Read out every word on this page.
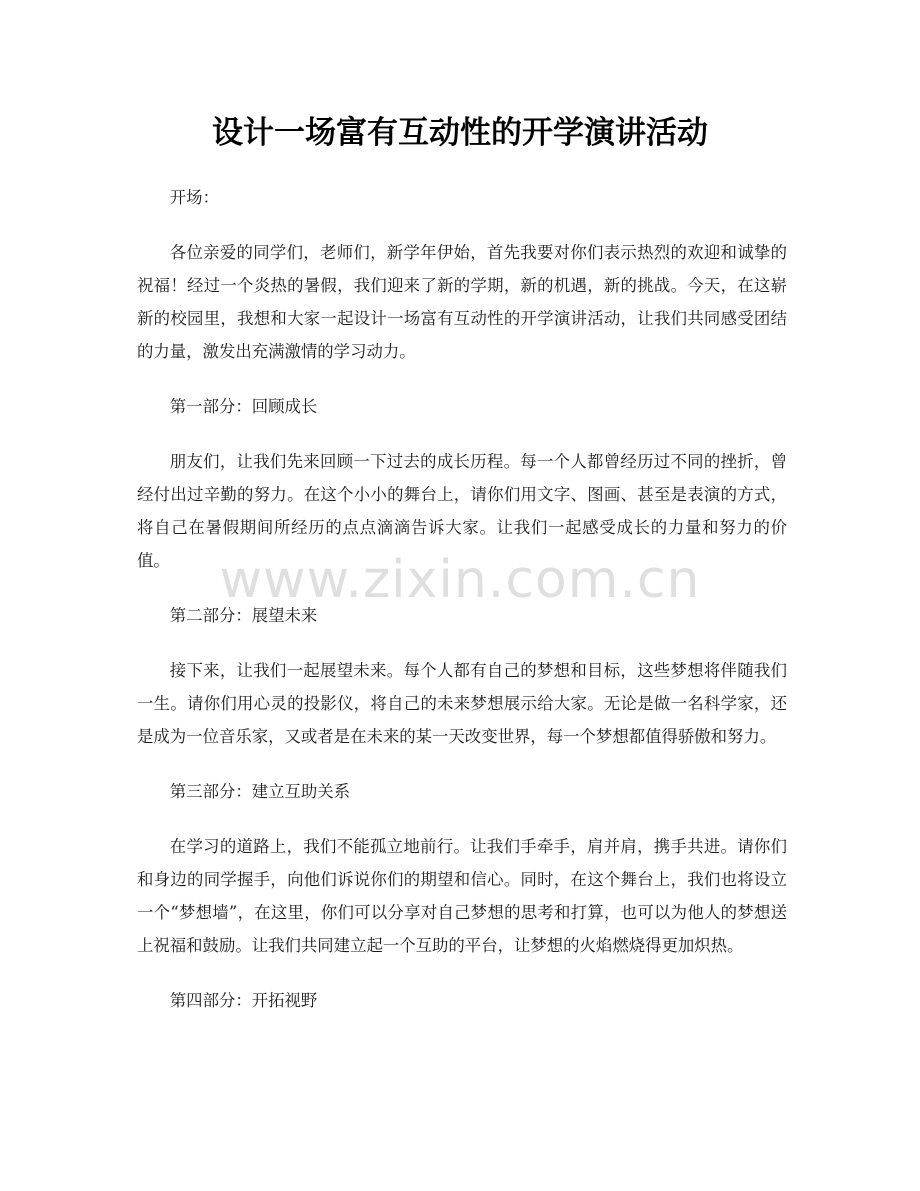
设计一场富有互动性的开学演讲活动

开场：

各位亲爱的同学们，老师们，新学年伊始，首先我要对你们表示热烈的欢迎和诚挚的祝福！经过一个炎热的暑假，我们迎来了新的学期，新的机遇，新的挑战。今天，在这崭新的校园里，我想和大家一起设计一场富有互动性的开学演讲活动，让我们共同感受团结的力量，激发出充满激情的学习动力。

第一部分：回顾成长

朋友们，让我们先来回顾一下过去的成长历程。每一个人都曾经历过不同的挫折，曾经付出过辛勤的努力。在这个小小的舞台上，请你们用文字、图画、甚至是表演的方式，将自己在暑假期间所经历的点点滴滴告诉大家。让我们一起感受成长的力量和努力的价值。

第二部分：展望未来

接下来，让我们一起展望未来。每个人都有自己的梦想和目标，这些梦想将伴随我们一生。请你们用心灵的投影仪，将自己的未来梦想展示给大家。无论是做一名科学家，还是成为一位音乐家，又或者是在未来的某一天改变世界，每一个梦想都值得骄傲和努力。

第三部分：建立互助关系

在学习的道路上，我们不能孤立地前行。让我们手牵手，肩并肩，携手共进。请你们和身边的同学握手，向他们诉说你们的期望和信心。同时，在这个舞台上，我们也将设立一个“梦想墙”，在这里，你们可以分享对自己梦想的思考和打算，也可以为他人的梦想送上祝福和鼓励。让我们共同建立起一个互助的平台，让梦想的火焰燃烧得更加炽热。

第四部分：开拓视野

www.zixin.com.cn
